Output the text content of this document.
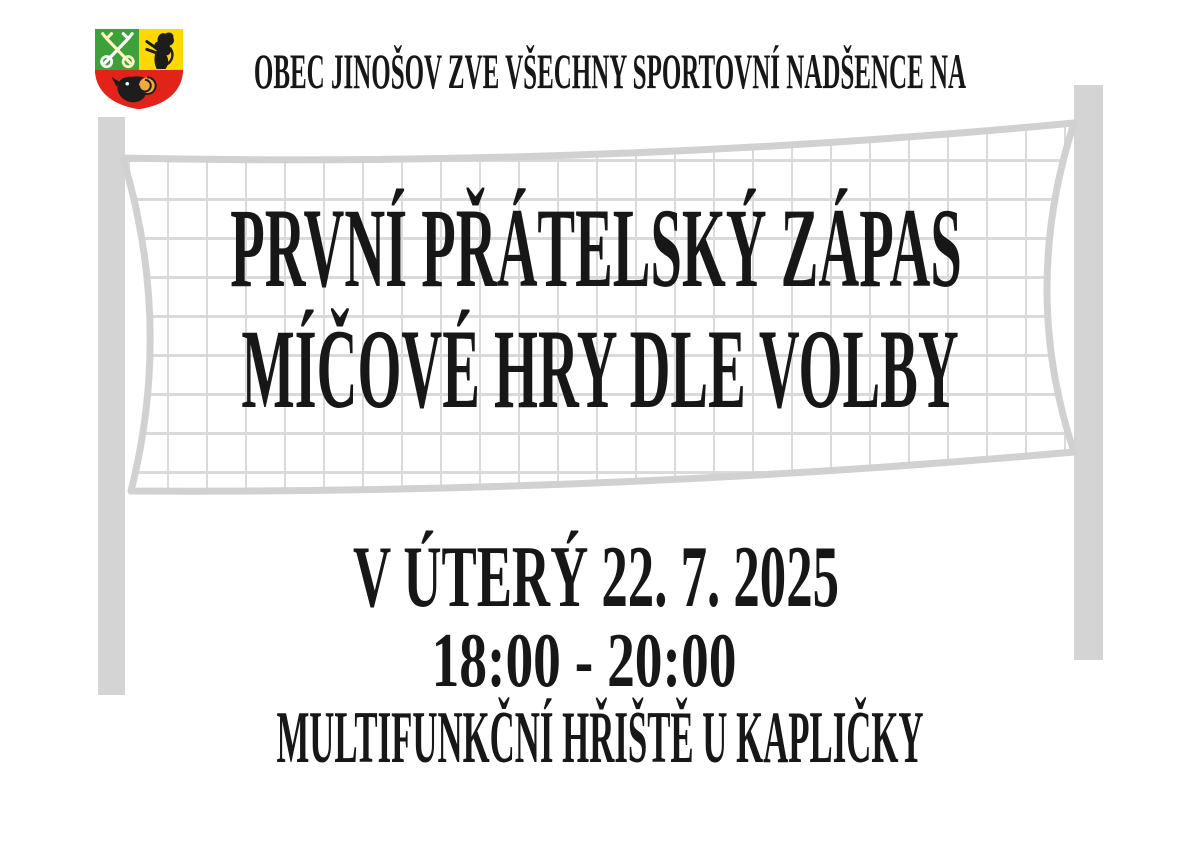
OBEC JINOŠOV ZVE VŠECHNY SPORTOVNÍ NADŠENCE NA
PRVNÍ PŘÁTELSKÝ ZÁPAS
MÍČOVÉ HRY DLE VOLBY
V ÚTERÝ 22. 7. 2025
18:00 - 20:00
MULTIFUNKČNÍ HŘIŠTĚ U KAPLIČKY
